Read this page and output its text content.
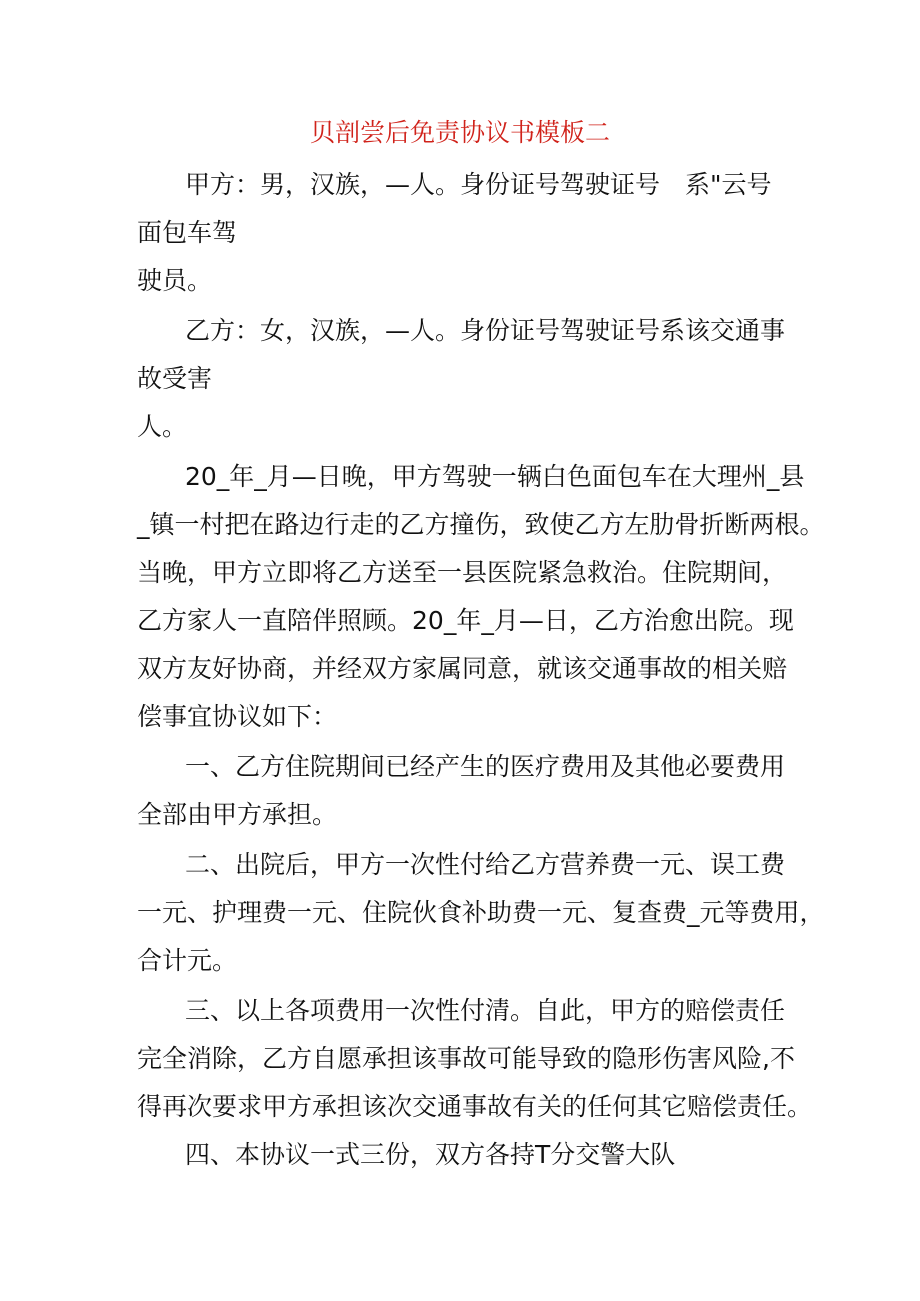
贝剖尝后免责协议书模板二
　甲方：男，汉族，—人。身份证号驾驶证号　系"云号
面包车驾
驶员。
　乙方：女，汉族，—人。身份证号驾驶证号系该交通事
故受害
人。
　20_年_月—日晚，甲方驾驶一辆白色面包车在大理州_县
_镇一村把在路边行走的乙方撞伤，致使乙方左肋骨折断两根。
当晚，甲方立即将乙方送至一县医院紧急救治。住院期间，
乙方家人一直陪伴照顾。20_年_月—日，乙方治愈出院。现
双方友好协商，并经双方家属同意，就该交通事故的相关赔
偿事宜协议如下：
　一、乙方住院期间已经产生的医疗费用及其他必要费用
全部由甲方承担。
　二、出院后，甲方一次性付给乙方营养费一元、误工费
一元、护理费一元、住院伙食补助费一元、复查费_元等费用，
合计元。
　三、以上各项费用一次性付清。自此，甲方的赔偿责任
完全消除，乙方自愿承担该事故可能导致的隐形伤害风险,不
得再次要求甲方承担该次交通事故有关的任何其它赔偿责任。
　四、本协议一式三份，双方各持T分交警大队
